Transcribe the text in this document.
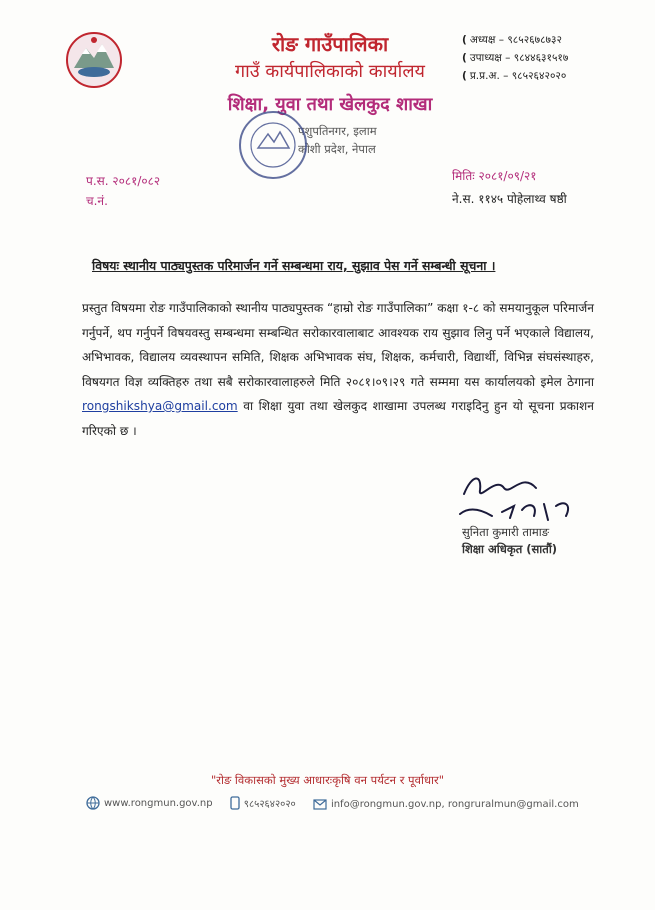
रोङ गाउँपालिका
गाउँ कार्यपालिकाको कार्यालय
शिक्षा, युवा तथा खेलकुद शाखा
पशुपतिनगर, इलाम
कोशी प्रदेश, नेपाल
( अध्यक्ष – ९८५२६७८७३२
( उपाध्यक्ष – ९८४४६३१५१७
( प्र.प्र.अ. – ९८५२६४२०२०
प.स. २०८१/०८२
च.नं.
मितिः २०८१/०९/२१
ने.स. ११४५ पोहेलाथ्व षष्ठी
विषयः स्थानीय पाठ्यपुस्तक परिमार्जन गर्ने सम्बन्धमा राय, सुझाव पेस गर्ने सम्बन्धी सूचना ।
प्रस्तुत विषयमा रोङ गाउँपालिकाको स्थानीय पाठ्यपुस्तक “हाम्रो रोङ गाउँपालिका” कक्षा १-८ को समयानुकूल परिमार्जन गर्नुपर्ने, थप गर्नुपर्ने विषयवस्तु सम्बन्धमा सम्बन्धित सरोकारवालाबाट आवश्यक राय सुझाव लिनु पर्ने भएकाले विद्यालय, अभिभावक, विद्यालय व्यवस्थापन समिति, शिक्षक अभिभावक संघ, शिक्षक, कर्मचारी, विद्यार्थी, विभिन्न संघसंस्थाहरु, विषयगत विज्ञ व्यक्तिहरु तथा सबै सरोकारवालाहरुले मिति २०८१।०९।२९ गते सम्ममा यस कार्यालयको इमेल ठेगाना rongshikshya@gmail.com वा शिक्षा युवा तथा खेलकुद शाखामा उपलब्ध गराइदिनु हुन यो सूचना प्रकाशन गरिएको छ ।
सुनिता कुमारी तामाङ
शिक्षा अधिकृत (सातौं)
"रोङ विकासको मुख्य आधारःकृषि वन पर्यटन र पूर्वाधार"
www.rongmun.gov.np
	९८५२६४२०२०
	info@rongmun.gov.np, rongruralmun@gmail.com
